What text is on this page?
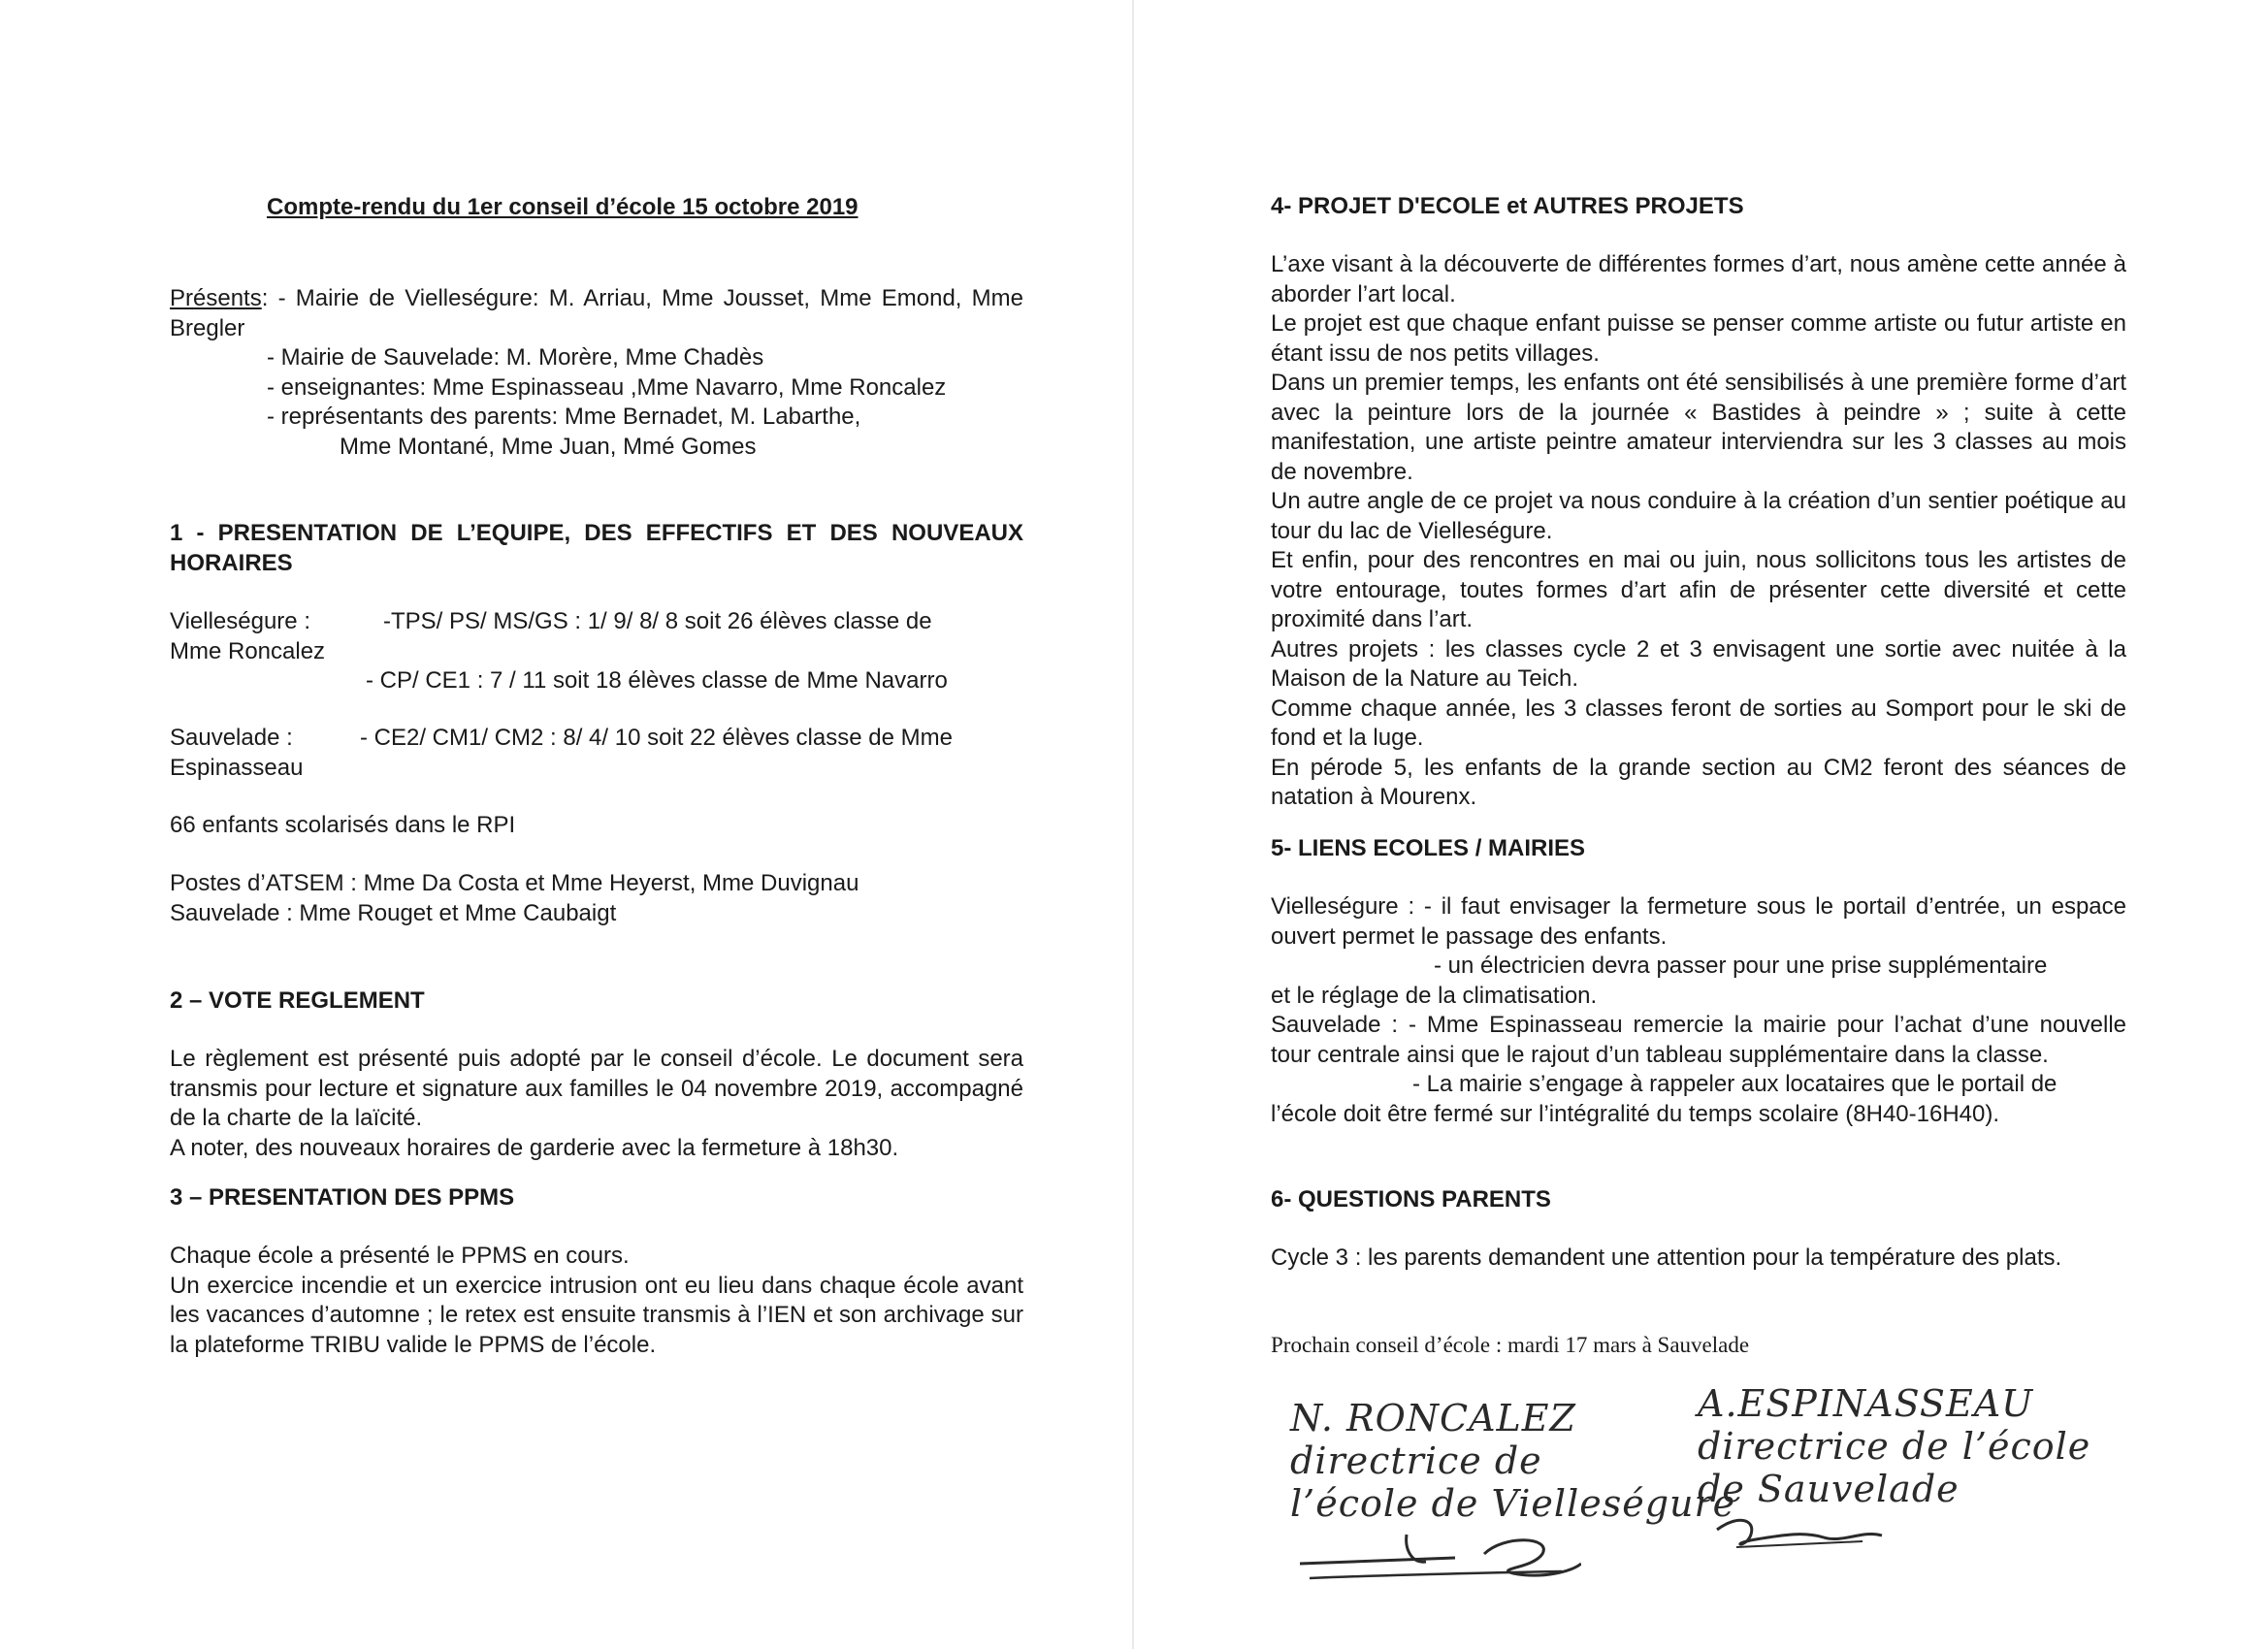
Compte-rendu du 1er conseil d’école 15 octobre 2019

Présents: - Mairie de Vielleségure: M. Arriau, Mme Jousset, Mme Emond, Mme Bregler

- Mairie de Sauvelade: M. Morère, Mme Chadès

- enseignantes: Mme Espinasseau ,Mme Navarro, Mme Roncalez

- représentants des parents: Mme Bernadet, M. Labarthe,

Mme Montané, Mme Juan, Mmé Gomes

1 - PRESENTATION DE L’EQUIPE, DES EFFECTIFS ET DES NOUVEAUX HORAIRES

Vielleségure :	-TPS/ PS/ MS/GS : 1/ 9/ 8/ 8 soit 26 élèves classe de

Mme Roncalez

- CP/ CE1 : 7 / 11 soit 18 élèves classe de Mme Navarro

Sauvelade :	- CE2/ CM1/ CM2 : 8/ 4/ 10 soit 22 élèves classe de Mme

Espinasseau

66 enfants scolarisés dans le RPI

Postes d’ATSEM : Mme Da Costa et Mme Heyerst, Mme Duvignau

Sauvelade : Mme Rouget et Mme Caubaigt

2 – VOTE REGLEMENT

Le règlement est présenté puis adopté par le conseil d’école. Le document sera transmis pour lecture et signature aux familles le 04 novembre 2019, accompagné de la charte de la laïcité.

A noter, des nouveaux horaires de garderie avec la fermeture à 18h30.

3 – PRESENTATION DES PPMS

Chaque école a présenté le PPMS en cours.

Un exercice incendie et un exercice intrusion ont eu lieu dans chaque école avant les vacances d’automne ; le retex est ensuite transmis à l’IEN et son archivage sur la plateforme TRIBU valide le PPMS de l’école.

4- PROJET D'ECOLE et AUTRES PROJETS

L’axe visant à la découverte de différentes formes d’art, nous amène cette année à aborder l’art local.

Le projet est que chaque enfant puisse se penser comme artiste ou futur artiste en étant issu de nos petits villages.

Dans un premier temps, les enfants ont été sensibilisés à une première forme d’art avec la peinture lors de la journée « Bastides à peindre » ; suite à cette manifestation, une artiste peintre amateur interviendra sur les 3 classes au mois de novembre.

Un autre angle de ce projet va nous conduire à la création d’un sentier poétique au tour du lac de Vielleségure.

Et enfin, pour des rencontres en mai ou juin, nous sollicitons tous les artistes de votre entourage, toutes formes d’art afin de présenter cette diversité et cette proximité dans l’art.

Autres projets : les classes cycle 2 et 3 envisagent une sortie avec nuitée à la Maison de la Nature au Teich.

Comme chaque année, les 3 classes feront de sorties au Somport pour le ski de fond et la luge.

En pérode 5, les enfants de la grande section au CM2 feront des séances de natation à Mourenx.

5- LIENS ECOLES / MAIRIES

Vielleségure : - il faut envisager la fermeture sous le portail d’entrée, un espace ouvert permet le passage des enfants.

- un électricien devra passer pour une prise supplémentaire

et le réglage de la climatisation.

Sauvelade : - Mme Espinasseau remercie la mairie pour l’achat d’une nouvelle tour centrale ainsi que le rajout d’un tableau supplémentaire dans la classe.

- La mairie s’engage à rappeler aux locataires que le portail de

l’école doit être fermé sur l’intégralité du temps scolaire (8H40-16H40).

6- QUESTIONS PARENTS

Cycle 3 : les parents demandent une attention pour la température des plats.

Prochain conseil d’école : mardi 17 mars à Sauvelade
N. RONCALEZ
directrice de
l’école de Vielleségure
A.ESPINASSEAU
directrice de l’école
de Sauvelade
